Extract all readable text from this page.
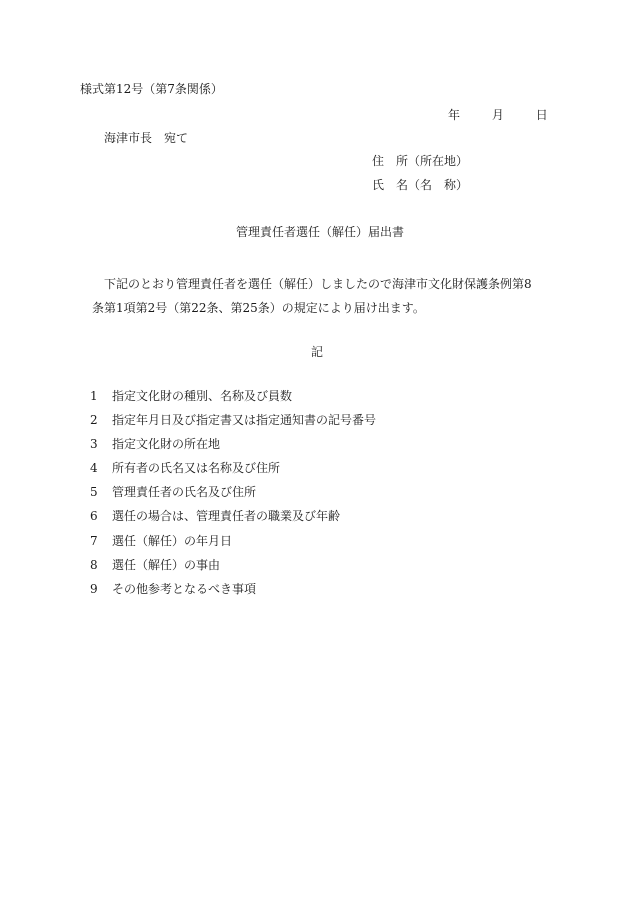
様式第12号（第7条関係）
年	月	日
海津市長　宛て
住　所（所在地）
氏　名（名　称）
管理責任者選任（解任）届出書
下記のとおり管理責任者を選任（解任）しましたので海津市文化財保護条例第8
条第1項第2号（第22条、第25条）の規定により届け出ます。
記
1	指定文化財の種別、名称及び員数
2	指定年月日及び指定書又は指定通知書の記号番号
3	指定文化財の所在地
4	所有者の氏名又は名称及び住所
5	管理責任者の氏名及び住所
6	選任の場合は、管理責任者の職業及び年齢
7	選任（解任）の年月日
8	選任（解任）の事由
9	その他参考となるべき事項
